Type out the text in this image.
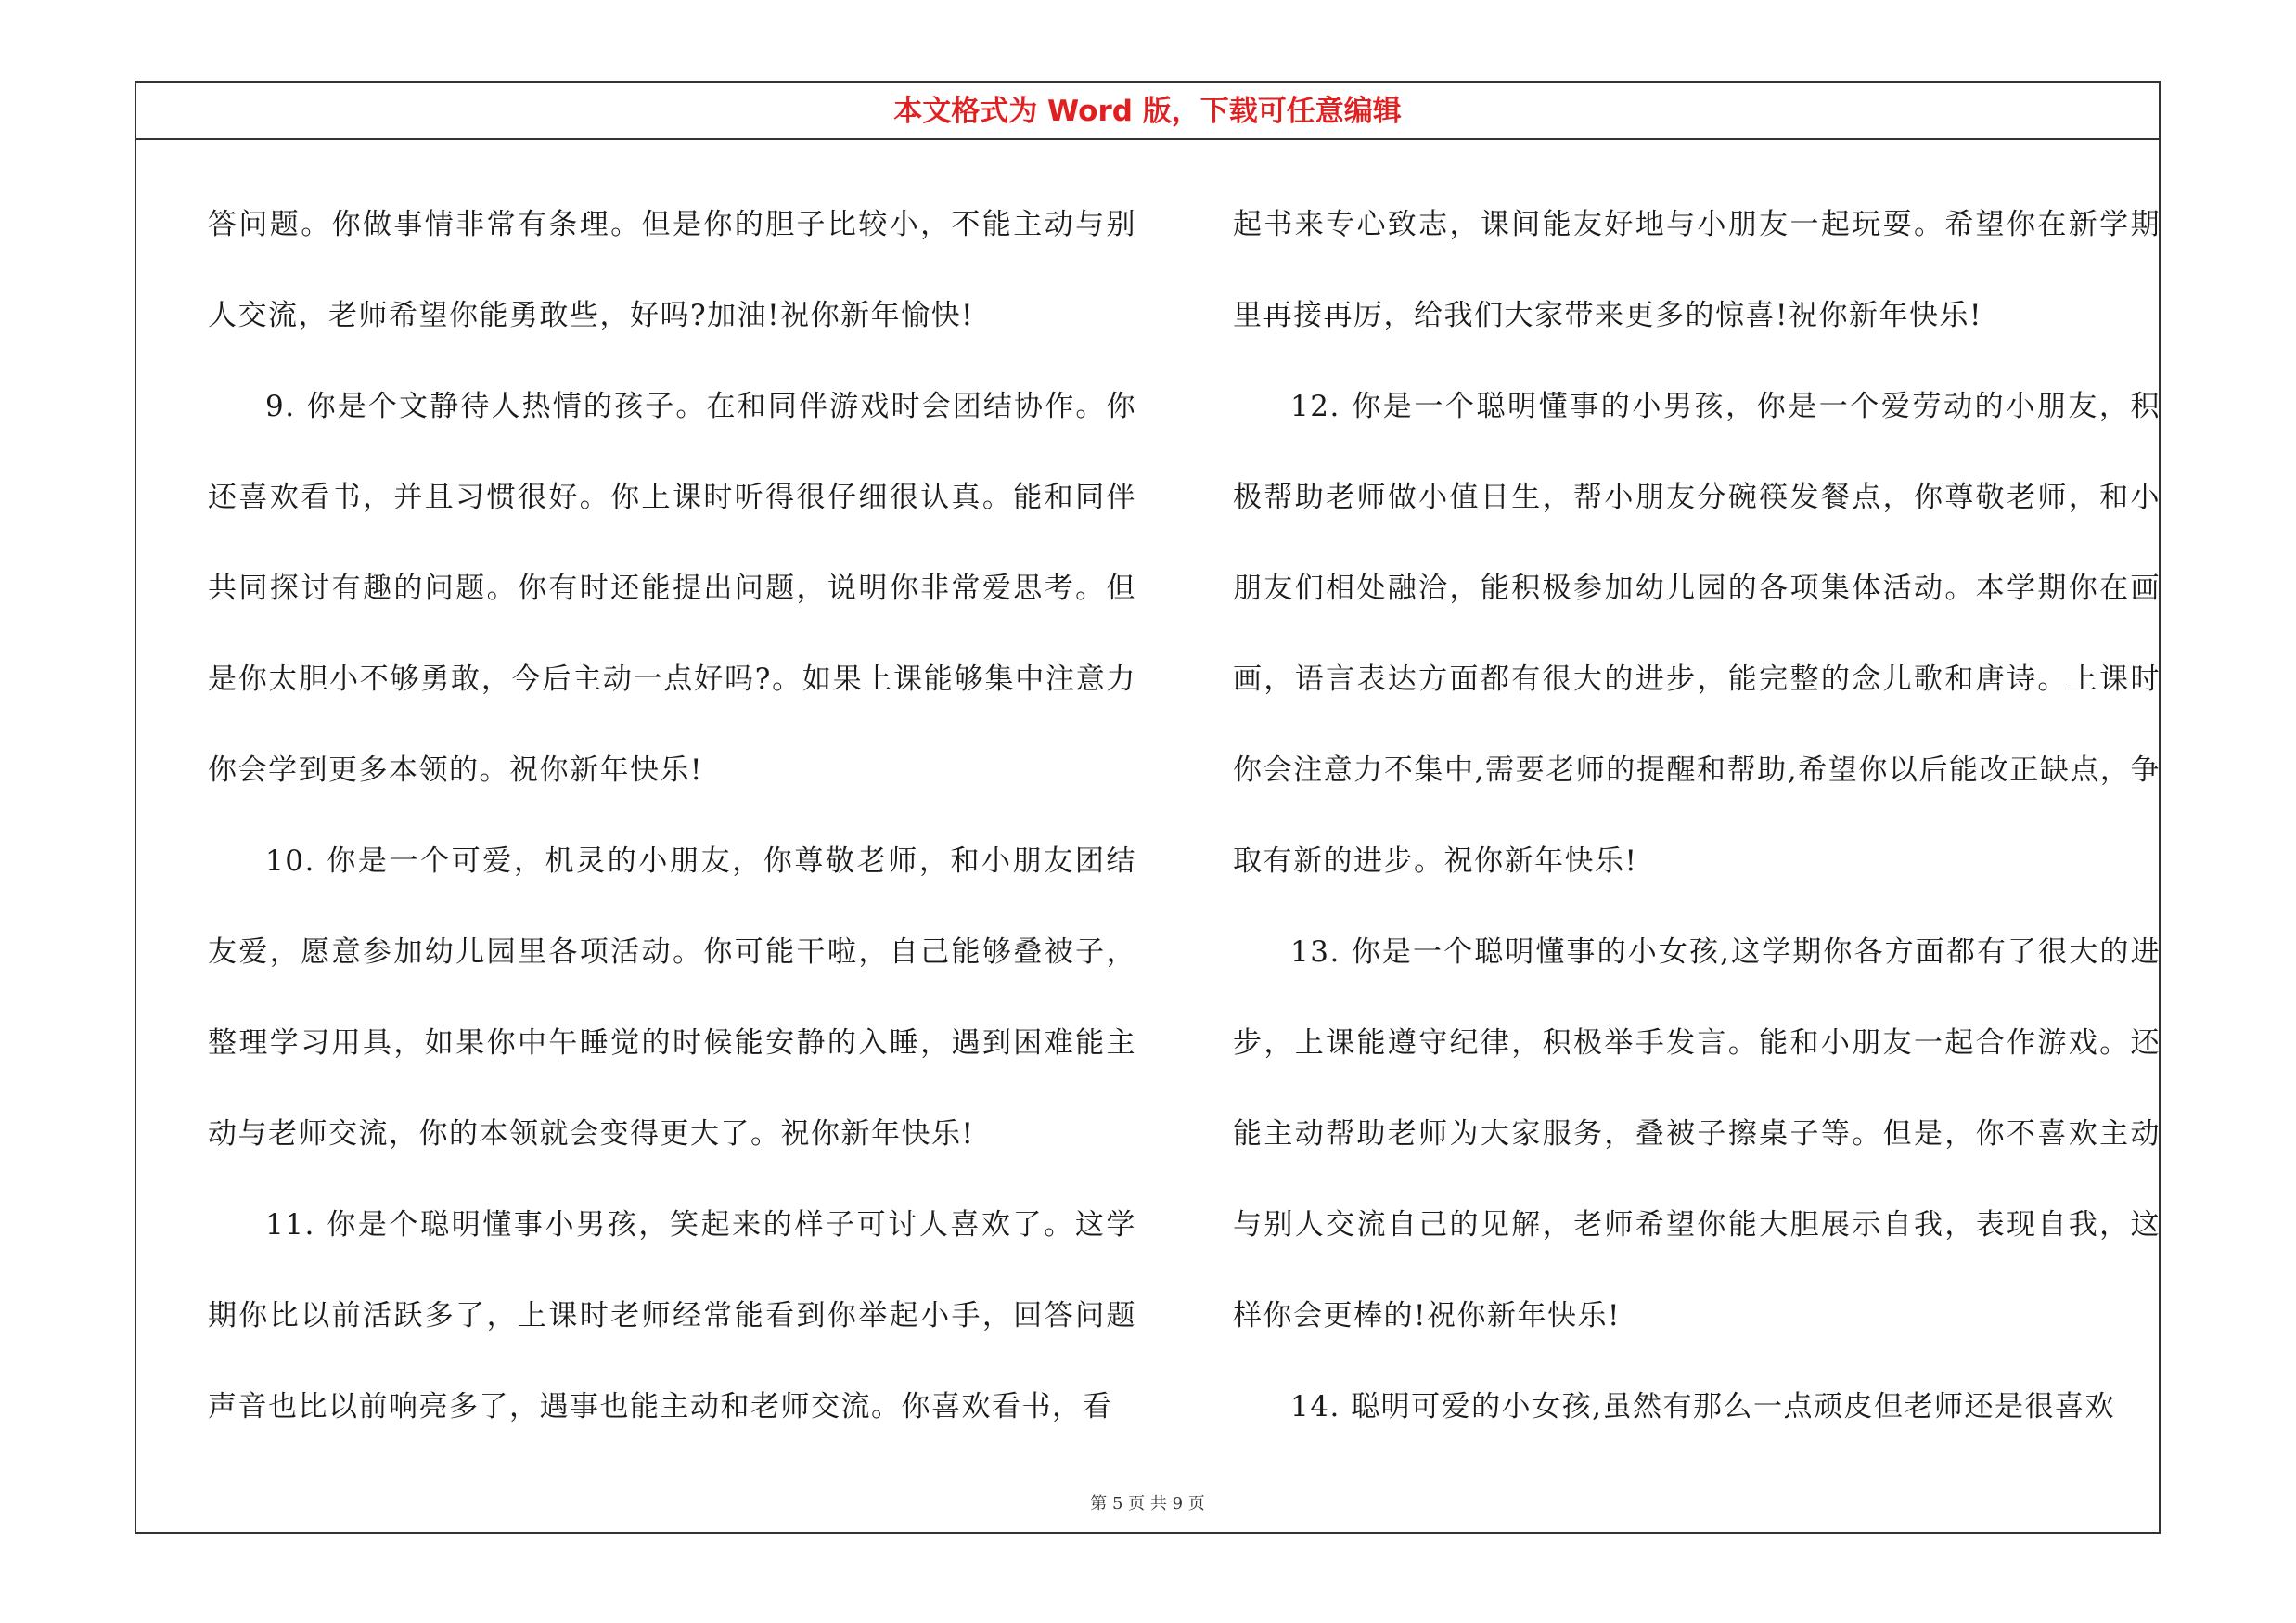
本文格式为 Word 版，下载可任意编辑

答问题。你做事情非常有条理。但是你的胆子比较小，不能主动与别人交流，老师希望你能勇敢些，好吗?加油!祝你新年愉快!

9. 你是个文静待人热情的孩子。在和同伴游戏时会团结协作。你还喜欢看书，并且习惯很好。你上课时听得很仔细很认真。能和同伴共同探讨有趣的问题。你有时还能提出问题，说明你非常爱思考。但是你太胆小不够勇敢，今后主动一点好吗?。如果上课能够集中注意力你会学到更多本领的。祝你新年快乐!

10. 你是一个可爱，机灵的小朋友，你尊敬老师，和小朋友团结友爱，愿意参加幼儿园里各项活动。你可能干啦，自己能够叠被子，整理学习用具，如果你中午睡觉的时候能安静的入睡，遇到困难能主动与老师交流，你的本领就会变得更大了。祝你新年快乐!

11. 你是个聪明懂事小男孩，笑起来的样子可讨人喜欢了。这学期你比以前活跃多了，上课时老师经常能看到你举起小手，回答问题声音也比以前响亮多了，遇事也能主动和老师交流。你喜欢看书，看

起书来专心致志，课间能友好地与小朋友一起玩耍。希望你在新学期里再接再厉，给我们大家带来更多的惊喜!祝你新年快乐!

12. 你是一个聪明懂事的小男孩，你是一个爱劳动的小朋友，积极帮助老师做小值日生，帮小朋友分碗筷发餐点，你尊敬老师，和小朋友们相处融洽，能积极参加幼儿园的各项集体活动。本学期你在画画，语言表达方面都有很大的进步，能完整的念儿歌和唐诗。上课时你会注意力不集中,需要老师的提醒和帮助,希望你以后能改正缺点，争取有新的进步。祝你新年快乐!

13. 你是一个聪明懂事的小女孩,这学期你各方面都有了很大的进步，上课能遵守纪律，积极举手发言。能和小朋友一起合作游戏。还能主动帮助老师为大家服务，叠被子擦桌子等。但是，你不喜欢主动与别人交流自己的见解，老师希望你能大胆展示自我，表现自我，这样你会更棒的!祝你新年快乐!

14. 聪明可爱的小女孩,虽然有那么一点顽皮但老师还是很喜欢

第 5 页 共 9 页
